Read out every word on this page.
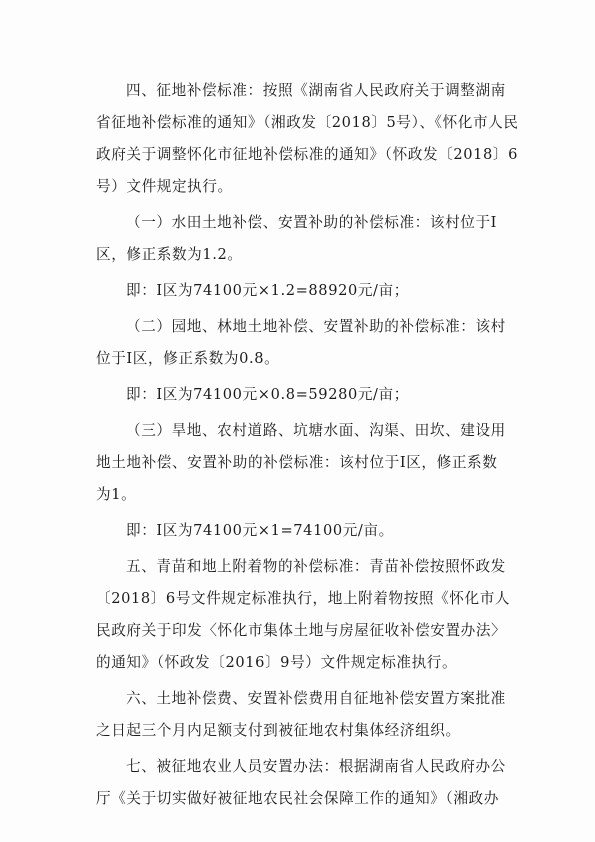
四、征地补偿标准：按照《湖南省人民政府关于调整湖南
省征地补偿标准的通知》（湘政发〔2018〕5号）、《怀化市人民
政府关于调整怀化市征地补偿标准的通知》（怀政发〔2018〕6
号）文件规定执行。
（一）水田土地补偿、安置补助的补偿标准：该村位于Ⅰ
区，修正系数为1.2。
即：Ⅰ区为74100元×1.2=88920元/亩；
（二）园地、林地土地补偿、安置补助的补偿标准：该村
位于Ⅰ区，修正系数为0.8。
即：Ⅰ区为74100元×0.8=59280元/亩；
（三）旱地、农村道路、坑塘水面、沟渠、田坎、建设用
地土地补偿、安置补助的补偿标准：该村位于Ⅰ区，修正系数
为1。
即：Ⅰ区为74100元×1=74100元/亩。
五、青苗和地上附着物的补偿标准：青苗补偿按照怀政发
〔2018〕6号文件规定标准执行，地上附着物按照《怀化市人
民政府关于印发〈怀化市集体土地与房屋征收补偿安置办法〉
的通知》（怀政发〔2016〕9号）文件规定标准执行。
六、土地补偿费、安置补偿费用自征地补偿安置方案批准
之日起三个月内足额支付到被征地农村集体经济组织。
七、被征地农业人员安置办法：根据湖南省人民政府办公
厅《关于切实做好被征地农民社会保障工作的通知》（湘政办
